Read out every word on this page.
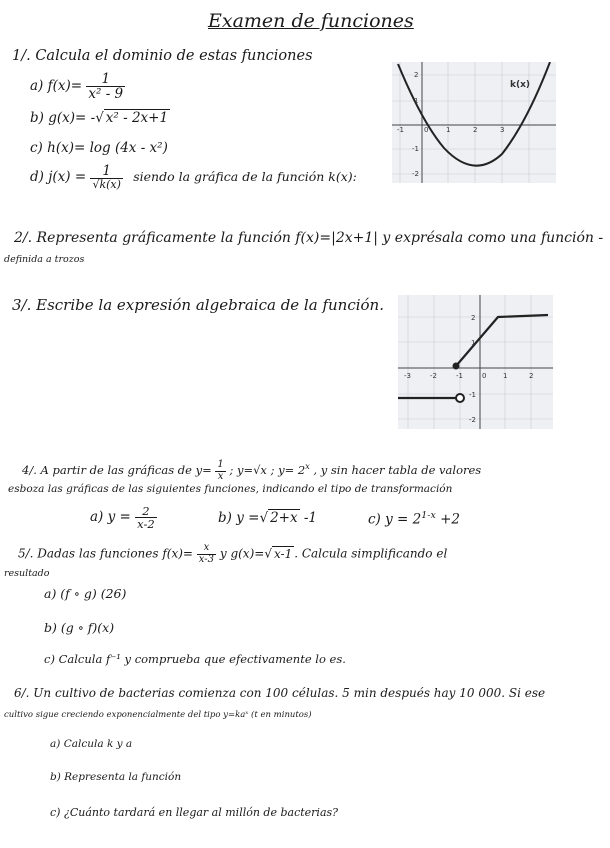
Examen de funciones
1/. Calcula el dominio de estas funciones
a) $f(x)= \frac{1}{\text{x² - 9}}$
b) g(x)= -√ x² - 2x+1
c) h(x)= log (4x - x²)
d) $j(x) = \frac{1}{√k(x)}$ siendo la gráfica de la función k(x):
k(x)
-1	0	1	2	3
2
1
-1
-2
2/. Representa gráficamente la función f(x)=|2x+1| y exprésala como una función -
definida a trozos
3/. Escribe la expresión algebraica de la función.
-3	-2	-1	0 1	2
2
1
-1
-2
4/. A partir de las gráficas de $y= \frac{1}{x}$ ; y=√x ; $y= 2^x$ , y sin hacer tabla de valores
esboza las gráficas de las siguientes funciones, indicando el tipo de transformación
a) $y = \frac{2}{x-2}$	b) y =√ 2+x -1	c) $y = 2^{1-x} +2$
5/. Dadas las funciones $f(x)= \frac{x}{x-3}$ y g(x)=√ x-1 . Calcula simplificando el
resultado
a) (f ∘ g) (26)
b) (g ∘ f)(x)
c) Calcula f⁻¹ y comprueba que efectivamente lo es.
6/. Un cultivo de bacterias comienza con 100 células. 5 min después hay 10 000. Si ese
cultivo sigue creciendo exponencialmente del tipo y=kaˣ (t en minutos)
a) Calcula k y a
b) Representa la función
c) ¿Cuánto tardará en llegar al millón de bacterias?
